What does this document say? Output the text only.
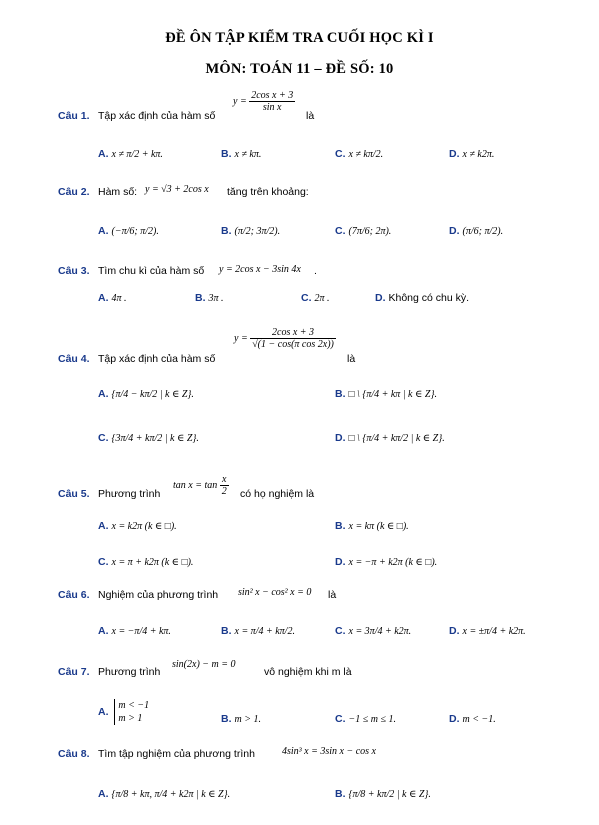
ĐỀ ÔN TẬP KIỂM TRA CUỐI HỌC KÌ I
MÔN: TOÁN 11 – ĐỀ SỐ: 10
Câu 1. Tập xác định của hàm số
$y = \frac{\text{2cos x + 3}}{\text{sin x}}$
là
A. x ≠ π/2 + kπ.	B. x ≠ kπ.	C. x ≠ kπ/2.	D. x ≠ k2π.
Câu 2. Hàm số: y = √3 + 2cos x tăng trên khoảng:
A. (−π/6; π/2).	B. (π/2; 3π/2).	C. (7π/6; 2π).	D. (π/6; π/2).
Câu 3. Tìm chu kì của hàm số y = 2cos x − 3sin 4x .
A. 4π .	B. 3π .	C. 2π .	D. Không có chu kỳ.
Câu 4. Tập xác định của hàm số
$y = \frac{\text{2cos x + 3}}{\text{√(1 − cos(π cos 2x))}}$
là
A. {π/4 − kπ/2 | k ∈ Z}.	B. □ \ {π/4 + kπ | k ∈ Z}.
C. {3π/4 + kπ/2 | k ∈ Z}.	D. □ \ {π/4 + kπ/2 | k ∈ Z}.
Câu 5. Phương trình
$\tan x = \tan \frac{x}{2}$ có họ nghiệm là
A. x = k2π (k ∈ □).	B. x = kπ (k ∈ □).
C. x = π + k2π (k ∈ □).	D. x = −π + k2π (k ∈ □).
Câu 6. Nghiệm của phương trình sin² x − cos² x = 0 là
A. x = −π/4 + kπ.	B. x = π/4 + kπ/2.	C. x = 3π/4 + k2π.	D. x = ±π/4 + k2π.
Câu 7. Phương trình
sin(2x) − m = 0
vô nghiệm khi m là
A. m < −1
m > 1	B. m > 1.	C. −1 ≤ m ≤ 1.	D. m < −1.
Câu 8. Tìm tập nghiệm của phương trình	4sin³ x = 3sin x − cos x
A. {π/8 + kπ, π/4 + k2π | k ∈ Z}.	B. {π/8 + kπ/2 | k ∈ Z}.
